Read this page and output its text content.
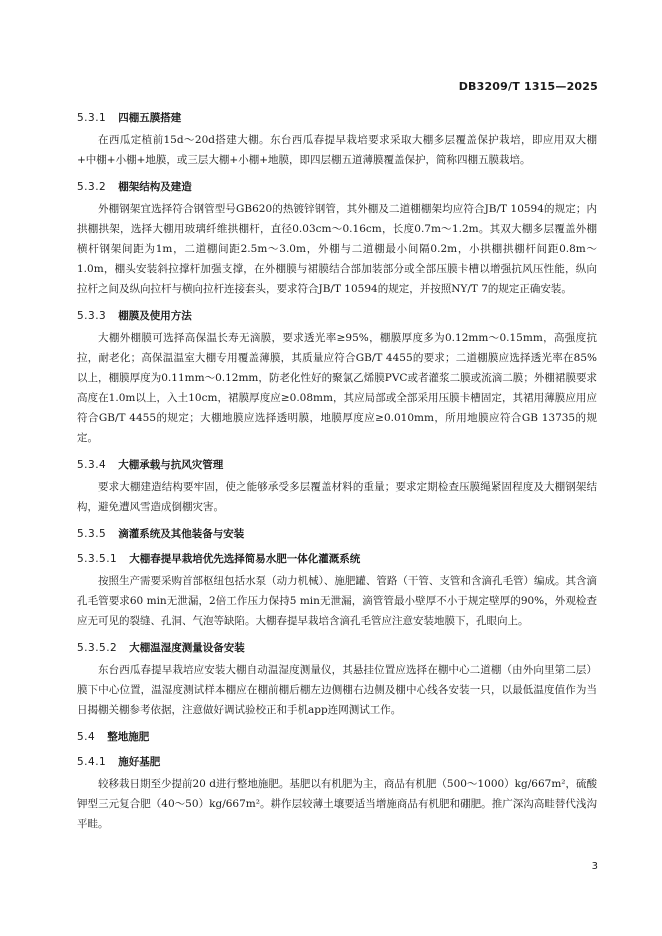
DB3209/T 1315—2025
5.3.1 四棚五膜搭建
在西瓜定植前15d～20d搭建大棚。东台西瓜春提早栽培要求采取大棚多层覆盖保护栽培，即应用双大棚+中棚+小棚+地膜，或三层大棚+小棚+地膜，即四层棚五道薄膜覆盖保护，简称四棚五膜栽培。
5.3.2 棚架结构及建造
外棚钢架宜选择符合钢管型号GB620的热镀锌钢管，其外棚及二道棚棚架均应符合JB/T 10594的规定；内拱棚拱架，选择大棚用玻璃纤维拱棚杆，直径0.03cm～0.16cm，长度0.7m～1.2m。其双大棚多层覆盖外棚横杆钢架间距为1m，二道棚间距2.5m～3.0m，外棚与二道棚最小间隔0.2m，小拱棚拱棚杆间距0.8m～1.0m，棚头安装斜拉撑杆加强支撑，在外棚膜与裙膜结合部加装部分或全部压膜卡槽以增强抗风压性能，纵向拉杆之间及纵向拉杆与横向拉杆连接套头，要求符合JB/T 10594的规定，并按照NY/T 7的规定正确安装。
5.3.3 棚膜及使用方法
大棚外棚膜可选择高保温长寿无滴膜，要求透光率≥95%，棚膜厚度多为0.12mm～0.15mm，高强度抗拉，耐老化；高保温温室大棚专用覆盖薄膜，其质量应符合GB/T 4455的要求；二道棚膜应选择透光率在85%以上，棚膜厚度为0.11mm～0.12mm，防老化性好的聚氯乙烯膜PVC或者灌浆二膜或流滴二膜；外棚裙膜要求高度在1.0m以上，入土10cm，裙膜厚度应≥0.08mm，其应局部或全部采用压膜卡槽固定，其裙用薄膜应用应符合GB/T 4455的规定；大棚地膜应选择透明膜，地膜厚度应≥0.010mm，所用地膜应符合GB 13735的规定。
5.3.4 大棚承载与抗风灾管理
要求大棚建造结构要牢固，使之能够承受多层覆盖材料的重量；要求定期检查压膜绳紧固程度及大棚钢架结构，避免遭风雪造成倒棚灾害。
5.3.5 滴灌系统及其他装备与安装
5.3.5.1 大棚春提早栽培优先选择简易水肥一体化灌溉系统
按照生产需要采购首部枢纽包括水泵（动力机械）、施肥罐、管路（干管、支管和含滴孔毛管）编成。其含滴孔毛管要求60 min无泄漏，2倍工作压力保持5 min无泄漏，滴管管最小壁厚不小于规定壁厚的90%，外观检查应无可见的裂缝、孔洞、气泡等缺陷。大棚春提早栽培含滴孔毛管应注意安装地膜下，孔眼向上。
5.3.5.2 大棚温湿度测量设备安装
东台西瓜春提早栽培应安装大棚自动温湿度测量仪，其悬挂位置应选择在棚中心二道棚（由外向里第二层）膜下中心位置，温湿度测试样本棚应在棚前棚后棚左边侧棚右边侧及棚中心线各安装一只，以最低温度值作为当日揭棚关棚参考依据，注意做好调试验校正和手机app连网测试工作。
5.4 整地施肥
5.4.1 施好基肥
较移栽日期至少提前20 d进行整地施肥。基肥以有机肥为主，商品有机肥（500～1000）kg/667m²，硫酸钾型三元复合肥（40～50）kg/667m²。耕作层较薄土壤要适当增施商品有机肥和硼肥。推广深沟高畦替代浅沟平畦。
3
